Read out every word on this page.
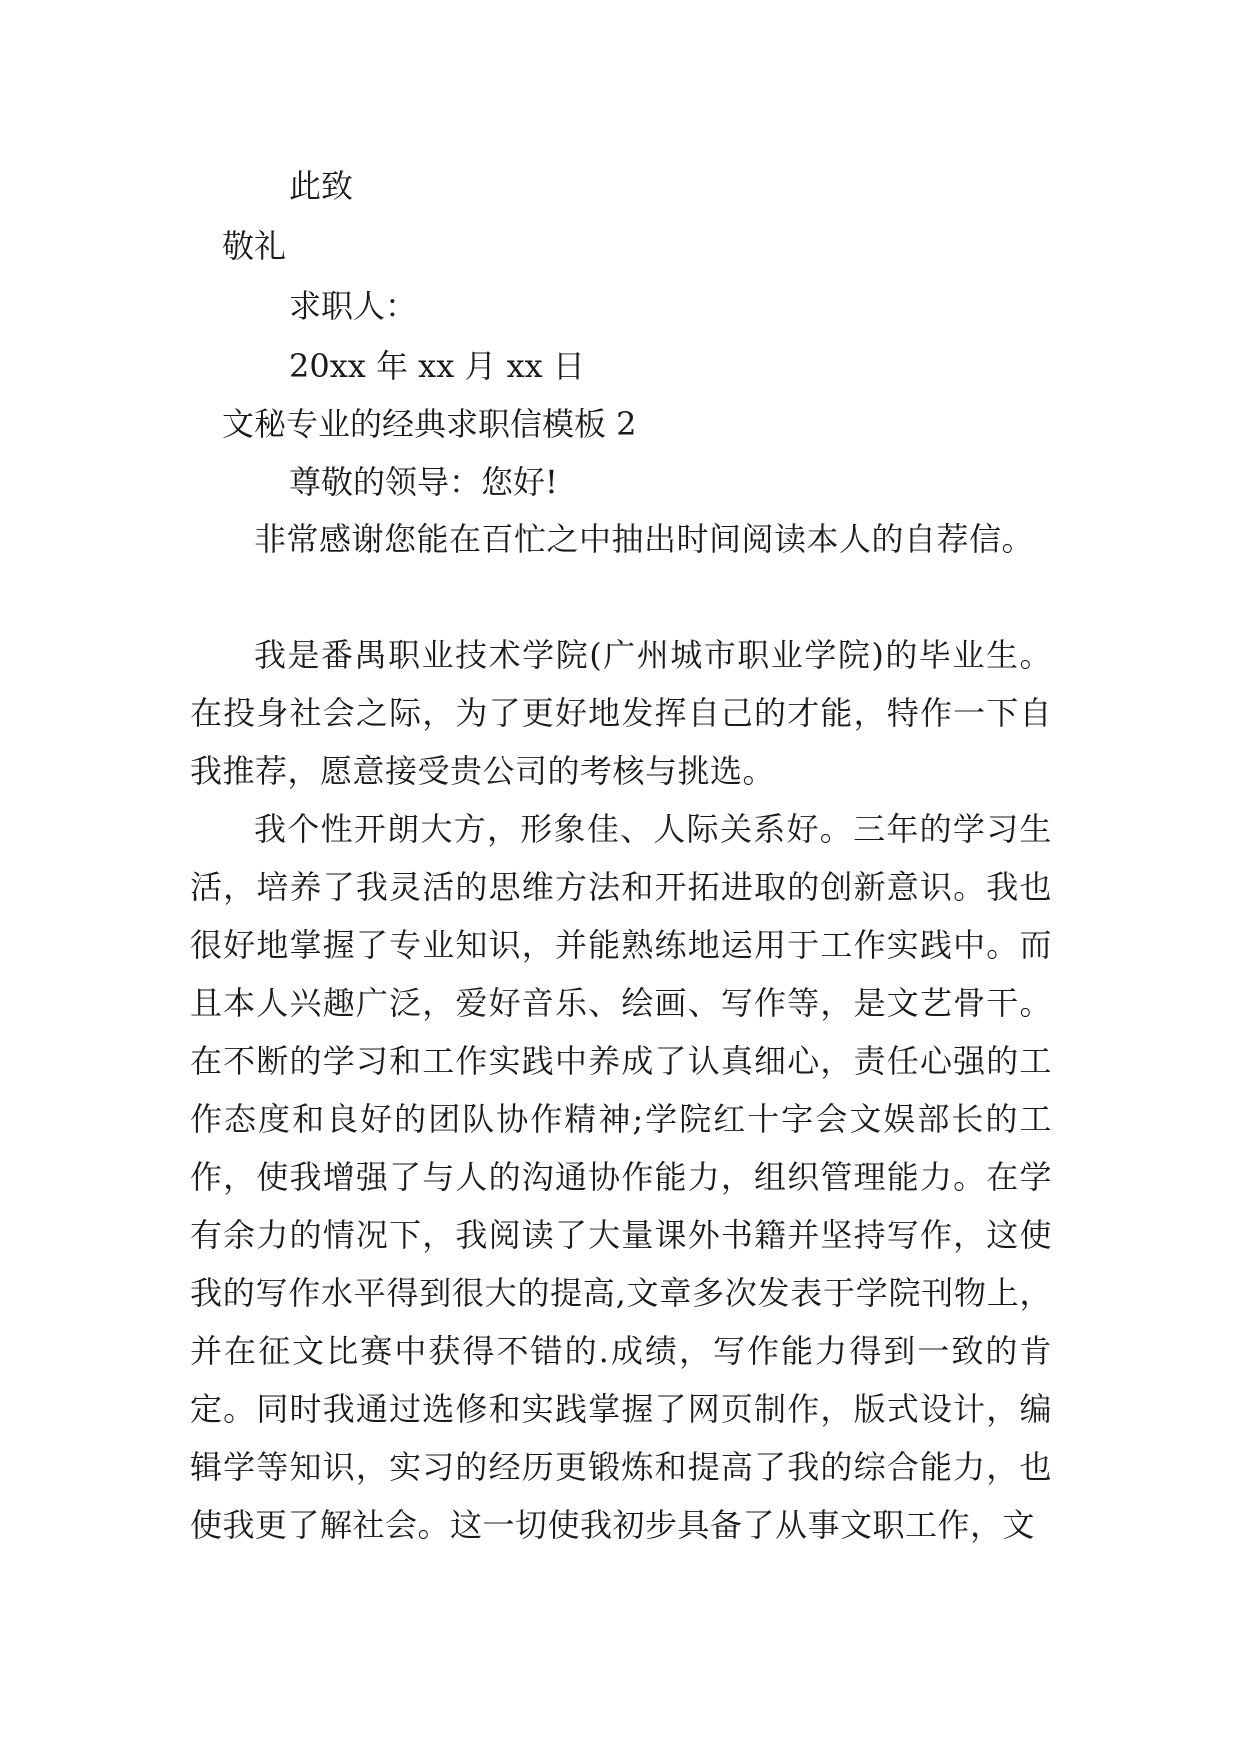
此致
敬礼
求职人：
20xx 年 xx 月 xx 日
文秘专业的经典求职信模板 2
尊敬的领导：您好!

非常感谢您能在百忙之中抽出时间阅读本人的自荐信。

我是番禺职业技术学院(广州城市职业学院)的毕业生。在投身社会之际，为了更好地发挥自己的才能，特作一下自我推荐，愿意接受贵公司的考核与挑选。

我个性开朗大方，形象佳、人际关系好。三年的学习生活，培养了我灵活的思维方法和开拓进取的创新意识。我也很好地掌握了专业知识，并能熟练地运用于工作实践中。而且本人兴趣广泛，爱好音乐、绘画、写作等，是文艺骨干。在不断的学习和工作实践中养成了认真细心，责任心强的工作态度和良好的团队协作精神;学院红十字会文娱部长的工作，使我增强了与人的沟通协作能力，组织管理能力。在学有余力的情况下，我阅读了大量课外书籍并坚持写作，这使我的写作水平得到很大的提高,文章多次发表于学院刊物上，并在征文比赛中获得不错的.成绩，写作能力得到一致的肯定。同时我通过选修和实践掌握了网页制作，版式设计，编辑学等知识，实习的经历更锻炼和提高了我的综合能力，也使我更了解社会。这一切使我初步具备了从事文职工作，文
